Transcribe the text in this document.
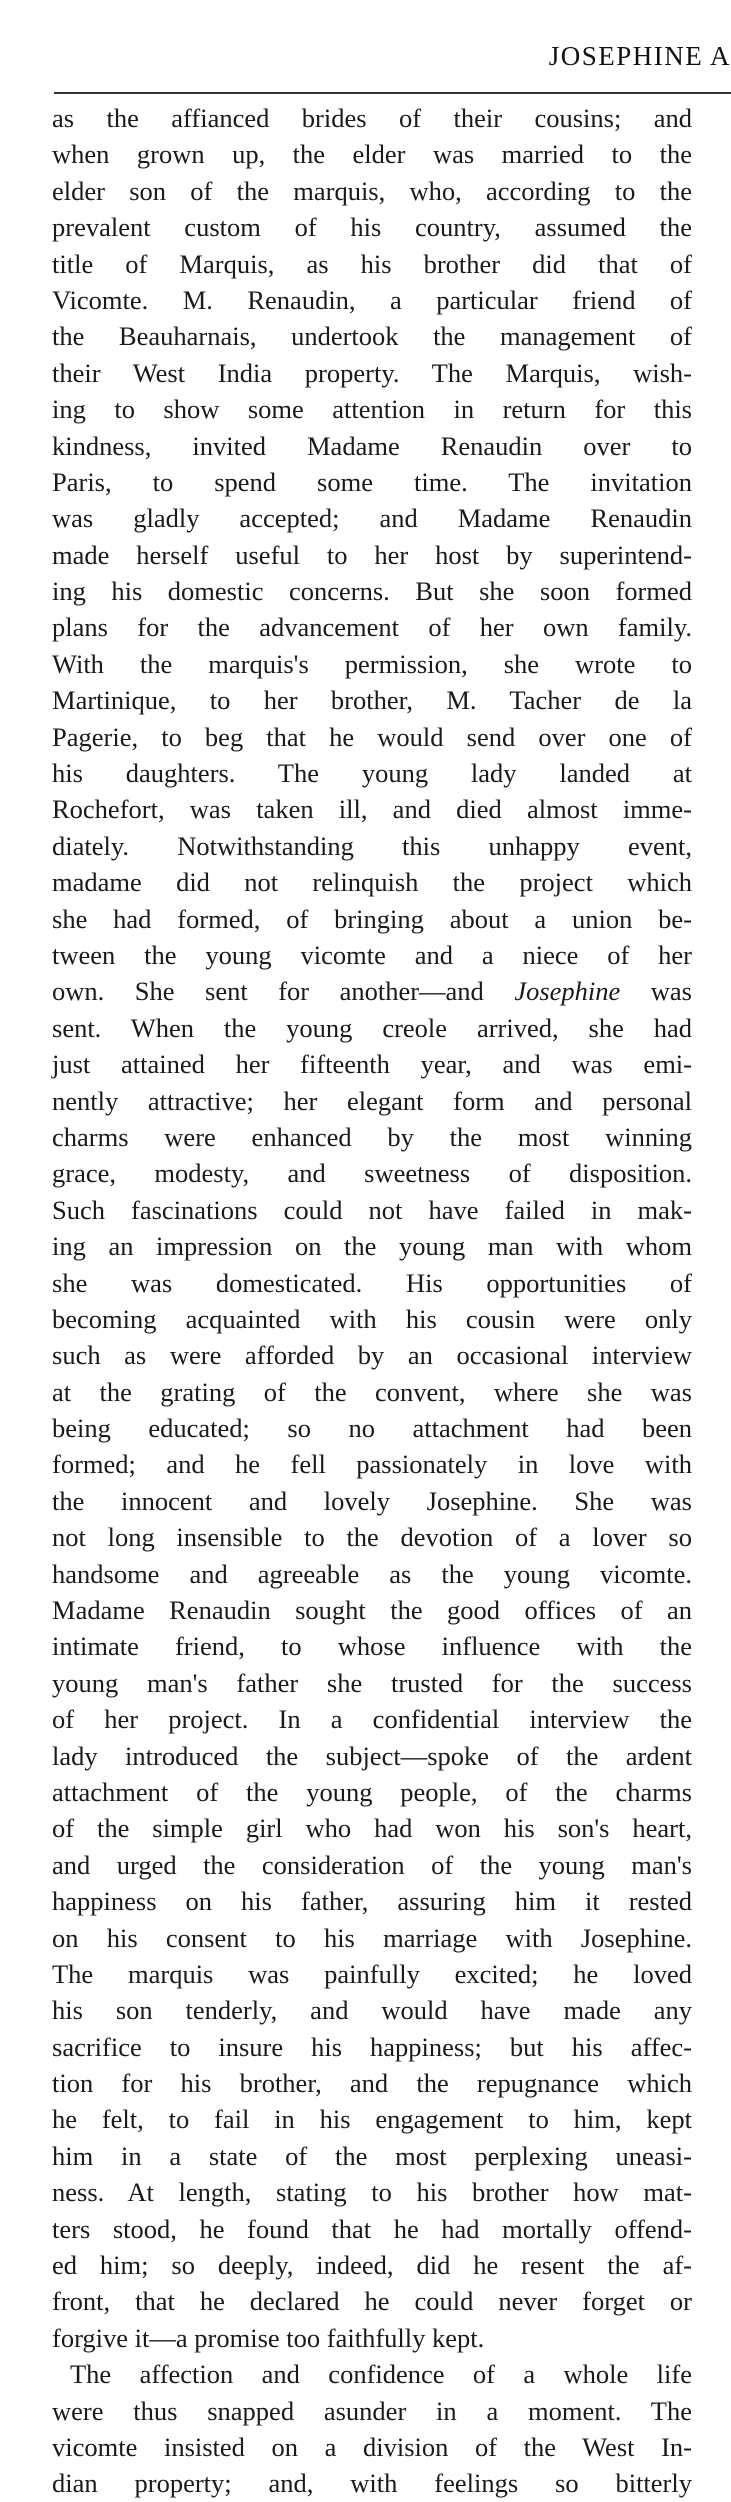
JOSEPHINE A
as the affianced brides of their cousins; and
when grown up, the elder was married to the
elder son of the marquis, who, according to the
prevalent custom of his country, assumed the
title of Marquis, as his brother did that of
Vicomte. M. Renaudin, a particular friend of
the Beauharnais, undertook the management of
their West India property. The Marquis, wish-
ing to show some attention in return for this
kindness, invited Madame Renaudin over to
Paris, to spend some time. The invitation
was gladly accepted; and Madame Renaudin
made herself useful to her host by superintend-
ing his domestic concerns. But she soon formed
plans for the advancement of her own family.
With the marquis's permission, she wrote to
Martinique, to her brother, M. Tacher de la
Pagerie, to beg that he would send over one of
his daughters. The young lady landed at
Rochefort, was taken ill, and died almost imme-
diately. Notwithstanding this unhappy event,
madame did not relinquish the project which
she had formed, of bringing about a union be-
tween the young vicomte and a niece of her
own. She sent for another—and Josephine was
sent. When the young creole arrived, she had
just attained her fifteenth year, and was emi-
nently attractive; her elegant form and personal
charms were enhanced by the most winning
grace, modesty, and sweetness of disposition.
Such fascinations could not have failed in mak-
ing an impression on the young man with whom
she was domesticated. His opportunities of
becoming acquainted with his cousin were only
such as were afforded by an occasional interview
at the grating of the convent, where she was
being educated; so no attachment had been
formed; and he fell passionately in love with
the innocent and lovely Josephine. She was
not long insensible to the devotion of a lover so
handsome and agreeable as the young vicomte.
Madame Renaudin sought the good offices of an
intimate friend, to whose influence with the
young man's father she trusted for the success
of her project. In a confidential interview the
lady introduced the subject—spoke of the ardent
attachment of the young people, of the charms
of the simple girl who had won his son's heart,
and urged the consideration of the young man's
happiness on his father, assuring him it rested
on his consent to his marriage with Josephine.
The marquis was painfully excited; he loved
his son tenderly, and would have made any
sacrifice to insure his happiness; but his affec-
tion for his brother, and the repugnance which
he felt, to fail in his engagement to him, kept
him in a state of the most perplexing uneasi-
ness. At length, stating to his brother how mat-
ters stood, he found that he had mortally offend-
ed him; so deeply, indeed, did he resent the af-
front, that he declared he could never forget or
forgive it—a promise too faithfully kept.
The affection and confidence of a whole life
were thus snapped asunder in a moment. The
vicomte insisted on a division of the West In-
dian property; and, with feelings so bitterly
